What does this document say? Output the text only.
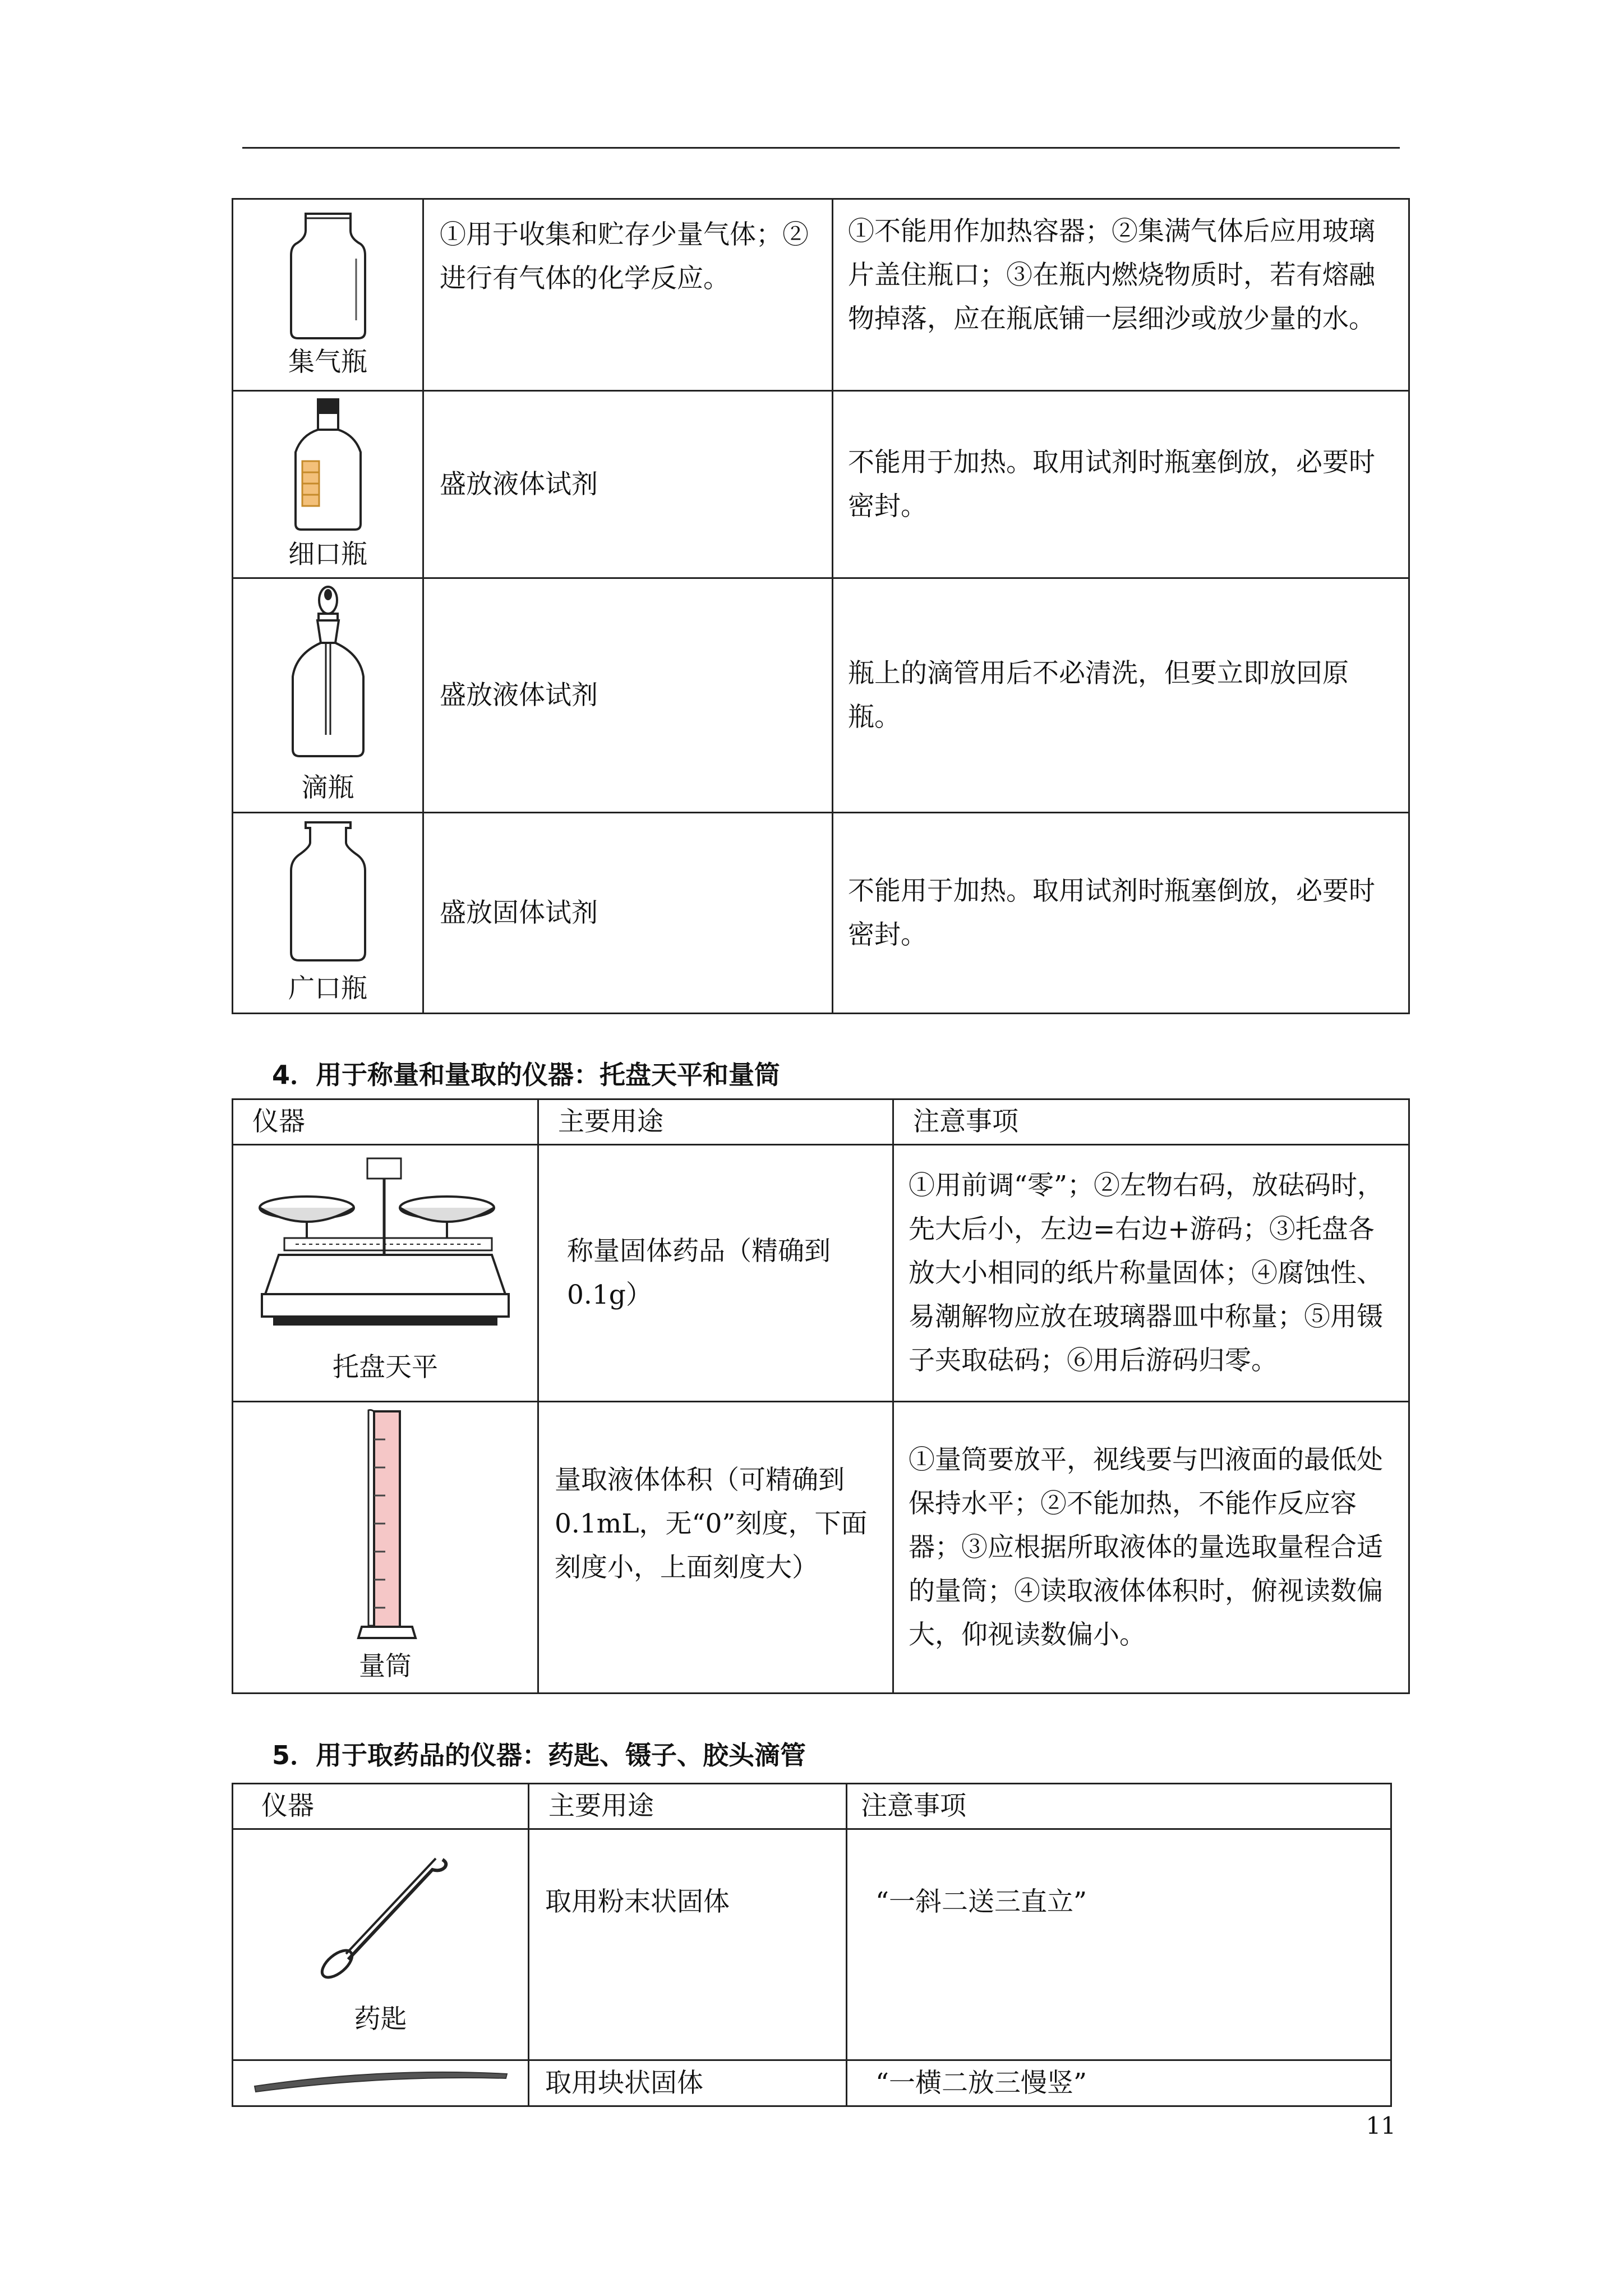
集气瓶	①用于收集和贮存少量气体；②进行有气体的化学反应。	①不能用作加热容器；②集满气体后应用玻璃片盖住瓶口；③在瓶内燃烧物质时，若有熔融物掉落，应在瓶底铺一层细沙或放少量的水。

细口瓶	盛放液体试剂	不能用于加热。取用试剂时瓶塞倒放，必要时密封。

滴瓶	盛放液体试剂	瓶上的滴管用后不必清洗，但要立即放回原瓶。

广口瓶	盛放固体试剂	不能用于加热。取用试剂时瓶塞倒放，必要时密封。
4．用于称量和量取的仪器：托盘天平和量筒
仪器	主要用途	注意事项

托盘天平	称量固体药品（精确到0.1g）	①用前调“零”；②左物右码，放砝码时，先大后小，左边=右边+游码；③托盘各放大小相同的纸片称量固体；④腐蚀性、易潮解物应放在玻璃器皿中称量；⑤用镊子夹取砝码；⑥用后游码归零。

量筒	量取液体体积（可精确到0.1mL，无“0”刻度，下面刻度小，上面刻度大）	①量筒要放平，视线要与凹液面的最低处保持水平；②不能加热，不能作反应容器；③应根据所取液体的量选取量程合适的量筒；④读取液体体积时，俯视读数偏大，仰视读数偏小。
5．用于取药品的仪器：药匙、镊子、胶头滴管
仪器	主要用途	注意事项

药匙	取用粉末状固体	“一斜二送三直立”

	取用块状固体	“一横二放三慢竖”
11
